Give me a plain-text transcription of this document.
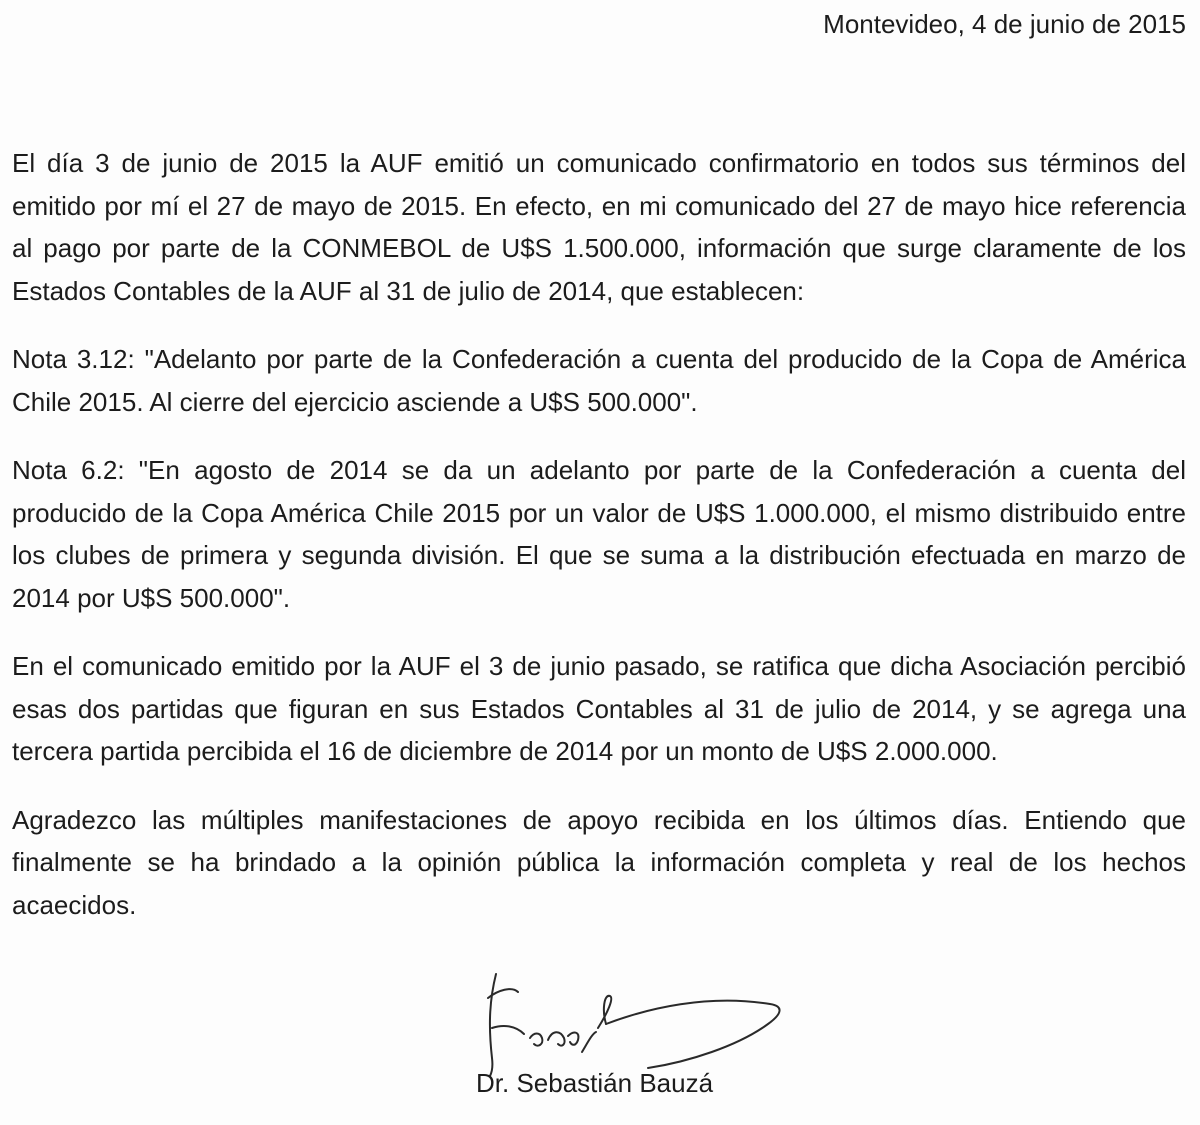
Montevideo, 4 de junio de 2015

El día 3 de junio de 2015 la AUF emitió un comunicado confirmatorio en todos sus términos del emitido por mí el 27 de mayo de 2015. En efecto, en mi comunicado del 27 de mayo hice referencia al pago por parte de la CONMEBOL de U$S 1.500.000, información que surge claramente de los Estados Contables de la AUF al 31 de julio de 2014, que establecen:

Nota 3.12: "Adelanto por parte de la Confederación a cuenta del producido de la Copa de América Chile 2015. Al cierre del ejercicio asciende a U$S 500.000".

Nota 6.2: "En agosto de 2014 se da un adelanto por parte de la Confederación a cuenta del producido de la Copa América Chile 2015 por un valor de U$S 1.000.000, el mismo distribuido entre los clubes de primera y segunda división. El que se suma a la distribución efectuada en marzo de 2014 por U$S 500.000".

En el comunicado emitido por la AUF el 3 de junio pasado, se ratifica que dicha Asociación percibió esas dos partidas que figuran en sus Estados Contables al 31 de julio de 2014, y se agrega una tercera partida percibida el 16 de diciembre de 2014 por un monto de U$S 2.000.000.

Agradezco las múltiples manifestaciones de apoyo recibida en los últimos días. Entiendo que finalmente se ha brindado a la opinión pública la información completa y real de los hechos acaecidos.

Dr. Sebastián Bauzá
